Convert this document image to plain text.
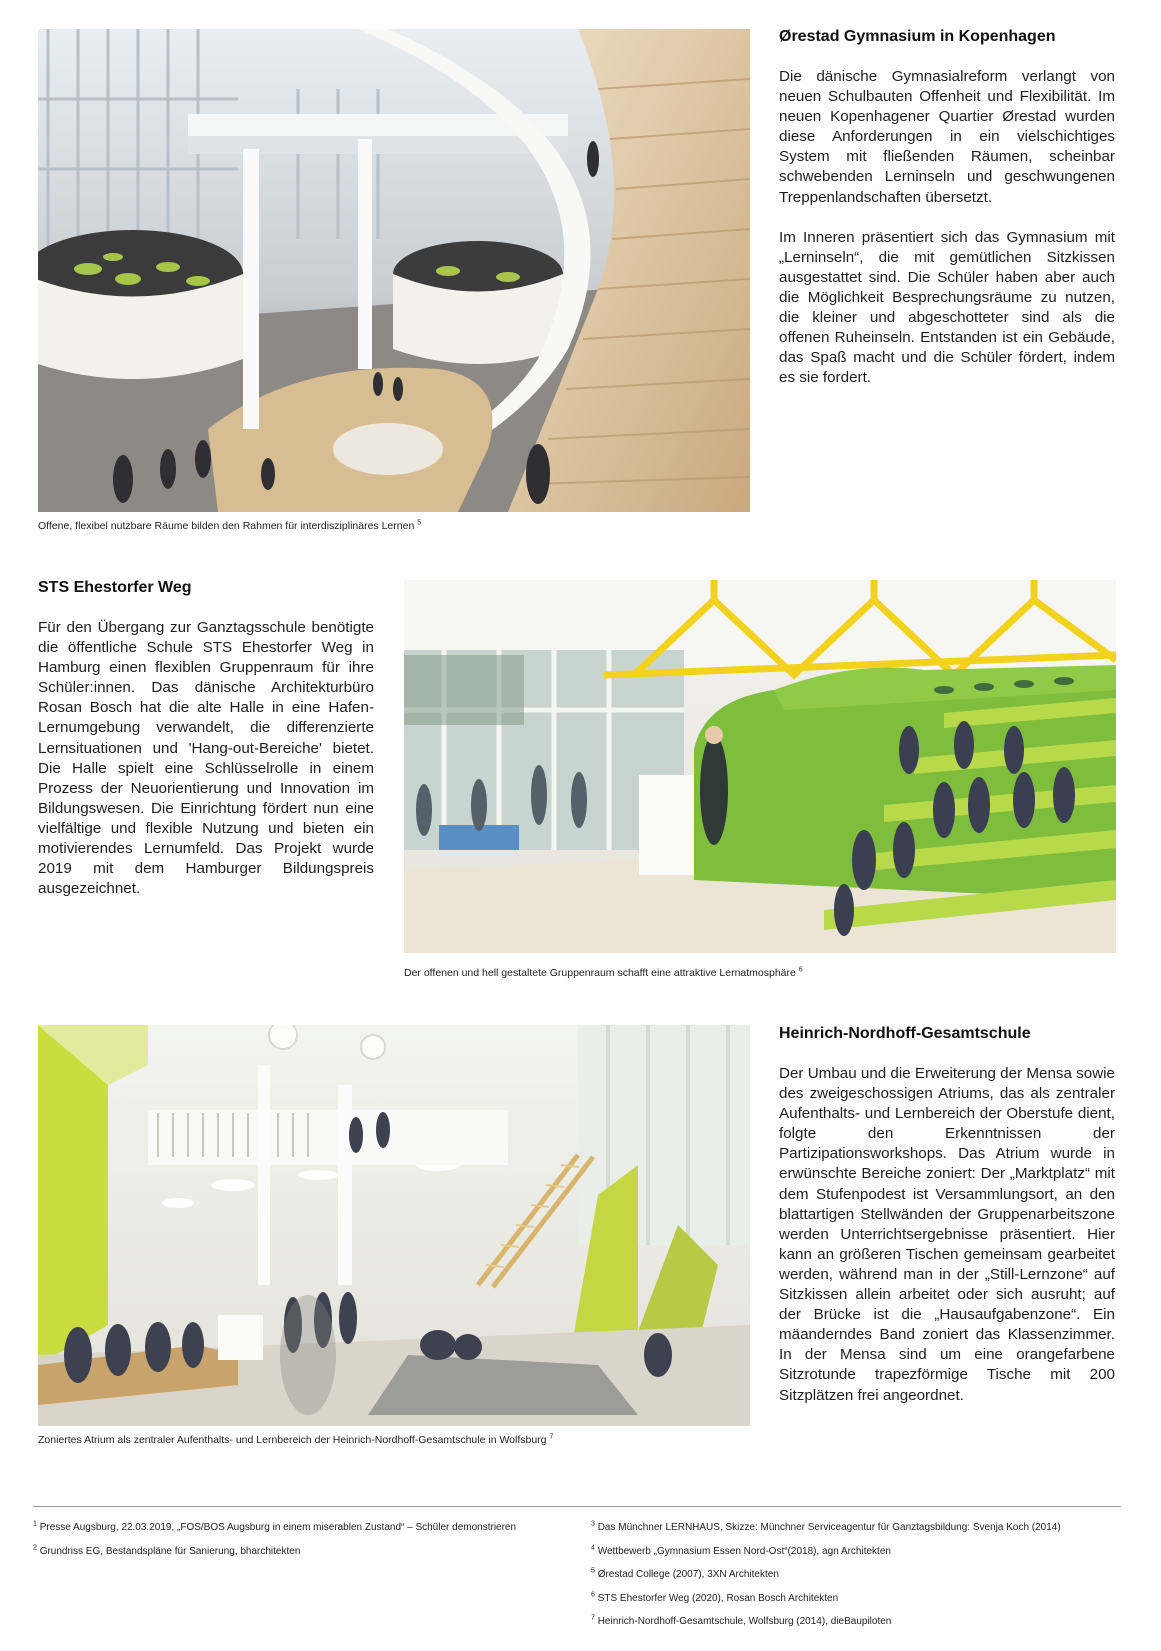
Ørestad Gymnasium in Kopenhagen

Die dänische Gymnasialreform verlangt von neuen Schulbauten Offenheit und Flexibilität. Im neuen Kopenhagener Quartier Ørestad wurden diese Anforderungen in ein vielschichtiges System mit fließenden Räumen, scheinbar schwebenden Lerninseln und geschwungenen Treppenlandschaften übersetzt.

Im Inneren präsentiert sich das Gymnasium mit „Lerninseln“, die mit gemütlichen Sitzkissen ausgestattet sind. Die Schüler haben aber auch die Möglichkeit Besprechungsräume zu nutzen, die kleiner und abgeschotteter sind als die offenen Ruheinseln. Entstanden ist ein Gebäude, das Spaß macht und die Schüler fördert, indem es sie fordert.

Offene, flexibel nutzbare Räume bilden den Rahmen für interdisziplinäres Lernen $^5$
STS Ehestorfer Weg

Für den Übergang zur Ganztagsschule benötigte die öffentliche Schule STS Ehestorfer Weg in Hamburg einen flexiblen Gruppenraum für ihre Schüler:innen. Das dänische Architekturbüro Rosan Bosch hat die alte Halle in eine Hafen-Lernumgebung verwandelt, die differenzierte Lernsituationen und 'Hang-out-Bereiche' bietet. Die Halle spielt eine Schlüsselrolle in einem Prozess der Neuorientierung und Innovation im Bildungswesen. Die Einrichtung fördert nun eine vielfältige und flexible Nutzung und bieten ein motivierendes Lernumfeld. Das Projekt wurde 2019 mit dem Hamburger Bildungspreis ausgezeichnet.

Der offenen und hell gestaltete Gruppenraum schafft eine attraktive Lernatmosphäre $^6$
Heinrich-Nordhoff-Gesamtschule

Der Umbau und die Erweiterung der Mensa sowie des zweigeschossigen Atriums, das als zentraler Aufenthalts- und Lernbereich der Oberstufe dient, folgte den Erkenntnissen der Partizipationsworkshops. Das Atrium wurde in erwünschte Bereiche zoniert: Der „Marktplatz“ mit dem Stufenpodest ist Versammlungsort, an den blattartigen Stellwänden der Gruppenarbeitszone werden Unterrichtsergebnisse präsentiert. Hier kann an größeren Tischen gemeinsam gearbeitet werden, während man in der „Still-Lernzone“ auf Sitzkissen allein arbeitet oder sich ausruht; auf der Brücke ist die „Hausaufgabenzone“. Ein mäanderndes Band zoniert das Klassenzimmer. In der Mensa sind um eine orangefarbene Sitzrotunde trapezförmige Tische mit 200 Sitzplätzen frei angeordnet.

Zoniertes Atrium als zentraler Aufenthalts- und Lernbereich der Heinrich-Nordhoff-Gesamtschule in Wolfsburg $^7$
$^1$ Presse Augsburg, 22.03.2019, „FOS/BOS Augsburg in einem miserablen Zustand“ – Schüler demonstrieren
$^2$ Grundriss EG, Bestandspläne für Sanierung, bharchitekten
$^3$ Das Münchner LERNHAUS, Skizze: Münchner Serviceagentur für Ganztagsbildung: Svenja Koch (2014)
$^4$ Wettbewerb „Gymnasium Essen Nord-Ost“(2018), agn Architekten
$^5$ Ørestad College (2007), 3XN Architekten
$^6$ STS Ehestorfer Weg (2020), Rosan Bosch Architekten
$^7$ Heinrich-Nordhoff-Gesamtschule, Wolfsburg (2014), dieBaupiloten
